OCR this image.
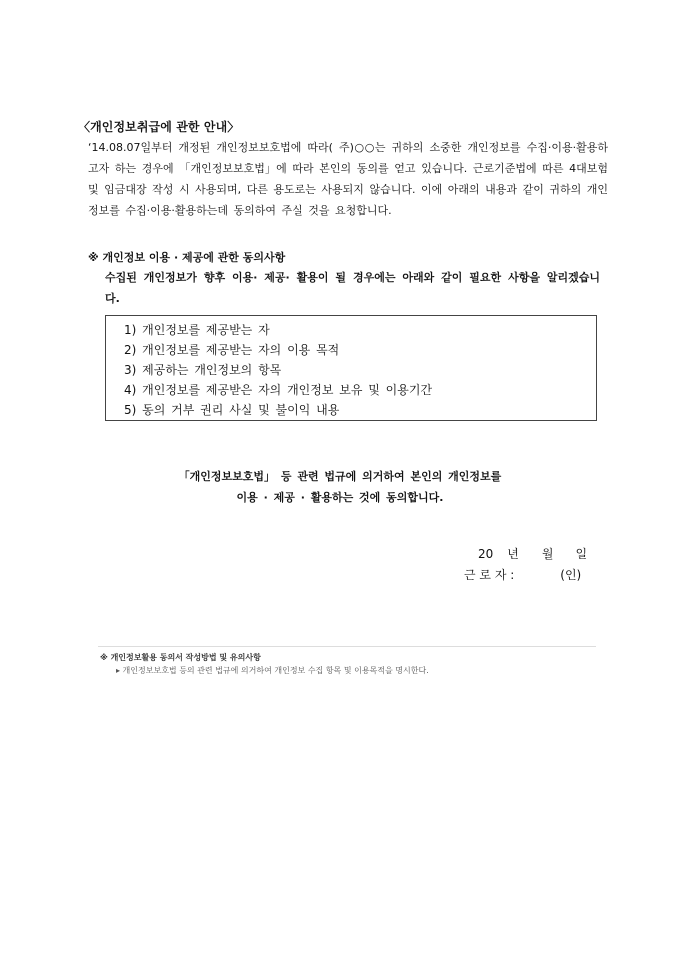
〈개인정보취급에 관한 안내〉
‘14.08.07일부터 개정된 개인정보보호법에 따라( 주)○○는 귀하의 소중한 개인정보를 수집·이용·활용하고자 하는 경우에 「개인정보보호법」에 따라 본인의 동의를 얻고 있습니다. 근로기준법에 따른 4대보험 및 임금대장 작성 시 사용되며, 다른 용도로는 사용되지 않습니다. 이에 아래의 내용과 같이 귀하의 개인정보를 수집·이용·활용하는데 동의하여 주실 것을 요청합니다.
※ 개인정보 이용 · 제공에 관한 동의사항
수집된 개인정보가 향후 이용· 제공· 활용이 될 경우에는 아래와 같이 필요한 사항을 알리겠습니다.
1) 개인정보를 제공받는 자
2) 개인정보를 제공받는 자의 이용 목적
3) 제공하는 개인정보의 항목
4) 개인정보를 제공받은 자의 개인정보 보유 및 이용기간
5) 동의 거부 권리 사실 및 불이익 내용
「개인정보보호법」 등 관련 법규에 의거하여 본인의 개인정보를
이용 · 제공 · 활용하는 것에 동의합니다.
20 년 월 일
근 로 자 :	(인)
※ 개인정보활용 동의서 작성방법 및 유의사항
▸ 개인정보보호법 등의 관련 법규에 의거하여 개인정보 수집 항목 및 이용목적을 명시한다.
